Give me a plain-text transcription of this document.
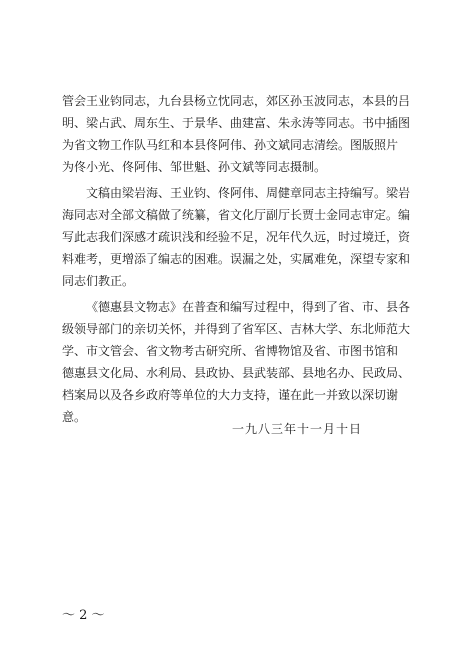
管会王业钧同志，九台县杨立忱同志，郊区孙玉波同志，本县的吕
明、梁占武、周东生、于景华、曲建富、朱永涛等同志。书中插图
为省文物工作队马红和本县佟阿伟、孙文斌同志清绘。图版照片
为佟小光、佟阿伟、邹世魁、孙文斌等同志摄制。
文稿由梁岩海、王业钧、佟阿伟、周健章同志主持编写。梁岩
海同志对全部文稿做了统纂，省文化厅副厅长贾士金同志审定。编
写此志我们深感才疏识浅和经验不足，况年代久远，时过境迁，资
料难考，更增添了编志的困难。误漏之处，实属难免，深望专家和
同志们教正。
《德惠县文物志》在普查和编写过程中，得到了省、市、县各
级领导部门的亲切关怀，并得到了省军区、吉林大学、东北师范大
学、市文管会、省文物考古研究所、省博物馆及省、市图书馆和
德惠县文化局、水利局、县政协、县武装部、县地名办、民政局、
档案局以及各乡政府等单位的大力支持，谨在此一并致以深切谢
意。
一九八三年十一月十日
～ 2 ～
